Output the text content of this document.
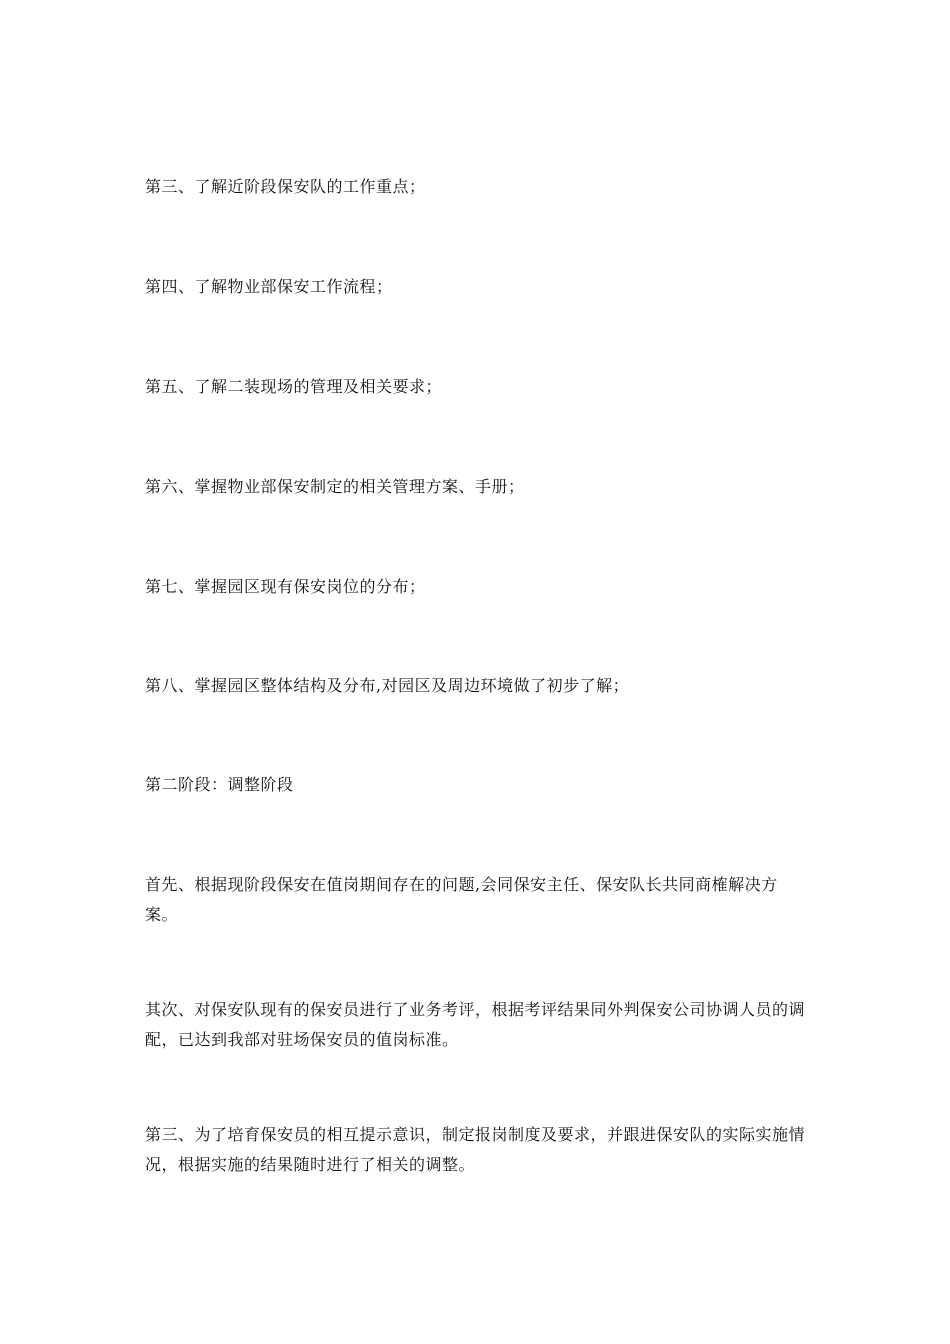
第三、了解近阶段保安队的工作重点；

第四、了解物业部保安工作流程；

第五、了解二装现场的管理及相关要求；

第六、掌握物业部保安制定的相关管理方案、手册；

第七、掌握园区现有保安岗位的分布；

第八、掌握园区整体结构及分布,对园区及周边环境做了初步了解；

第二阶段：调整阶段

首先、根据现阶段保安在值岗期间存在的问题,会同保安主任、保安队长共同商榷解决方案。

其次、对保安队现有的保安员进行了业务考评，根据考评结果同外判保安公司协调人员的调配，已达到我部对驻场保安员的值岗标准。

第三、为了培育保安员的相互提示意识，制定报岗制度及要求，并跟进保安队的实际实施情况，根据实施的结果随时进行了相关的调整。
